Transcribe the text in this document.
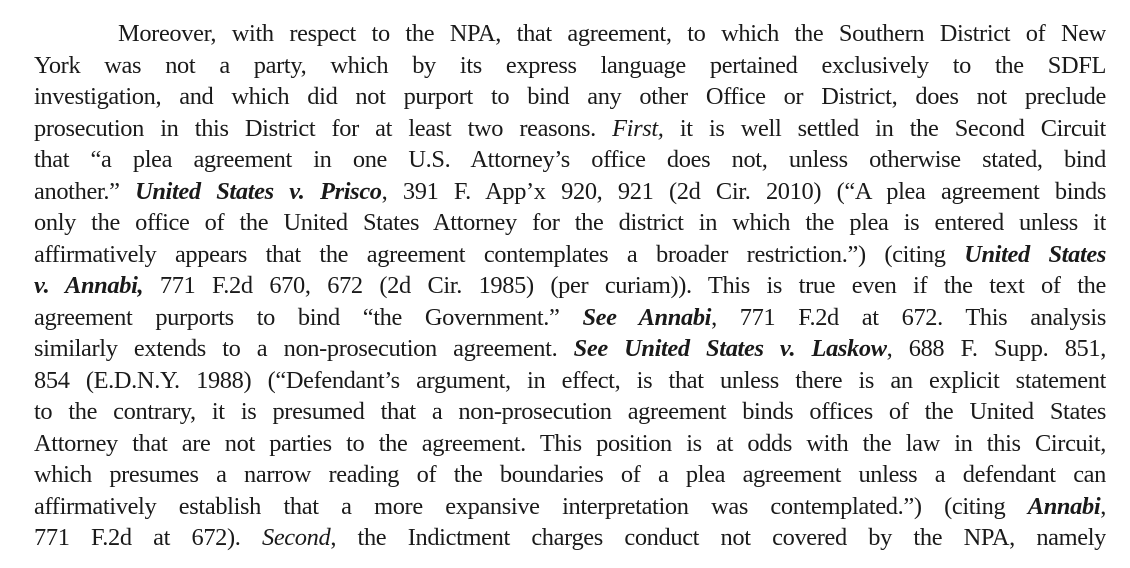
Moreover, with respect to the NPA, that agreement, to which the Southern District of New
York was not a party, which by its express language pertained exclusively to the SDFL
investigation, and which did not purport to bind any other Office or District, does not preclude
prosecution in this District for at least two reasons. First, it is well settled in the Second Circuit
that “a plea agreement in one U.S. Attorney’s office does not, unless otherwise stated, bind
another.” United States v. Prisco, 391 F. App’x 920, 921 (2d Cir. 2010) (“A plea agreement binds
only the office of the United States Attorney for the district in which the plea is entered unless it
affirmatively appears that the agreement contemplates a broader restriction.”) (citing United States
v. Annabi, 771 F.2d 670, 672 (2d Cir. 1985) (per curiam)). This is true even if the text of the
agreement purports to bind “the Government.” See Annabi, 771 F.2d at 672. This analysis
similarly extends to a non-prosecution agreement. See United States v. Laskow, 688 F. Supp. 851,
854 (E.D.N.Y. 1988) (“Defendant’s argument, in effect, is that unless there is an explicit statement
to the contrary, it is presumed that a non-prosecution agreement binds offices of the United States
Attorney that are not parties to the agreement. This position is at odds with the law in this Circuit,
which presumes a narrow reading of the boundaries of a plea agreement unless a defendant can
affirmatively establish that a more expansive interpretation was contemplated.”) (citing Annabi,
771 F.2d at 672). Second, the Indictment charges conduct not covered by the NPA, namely
